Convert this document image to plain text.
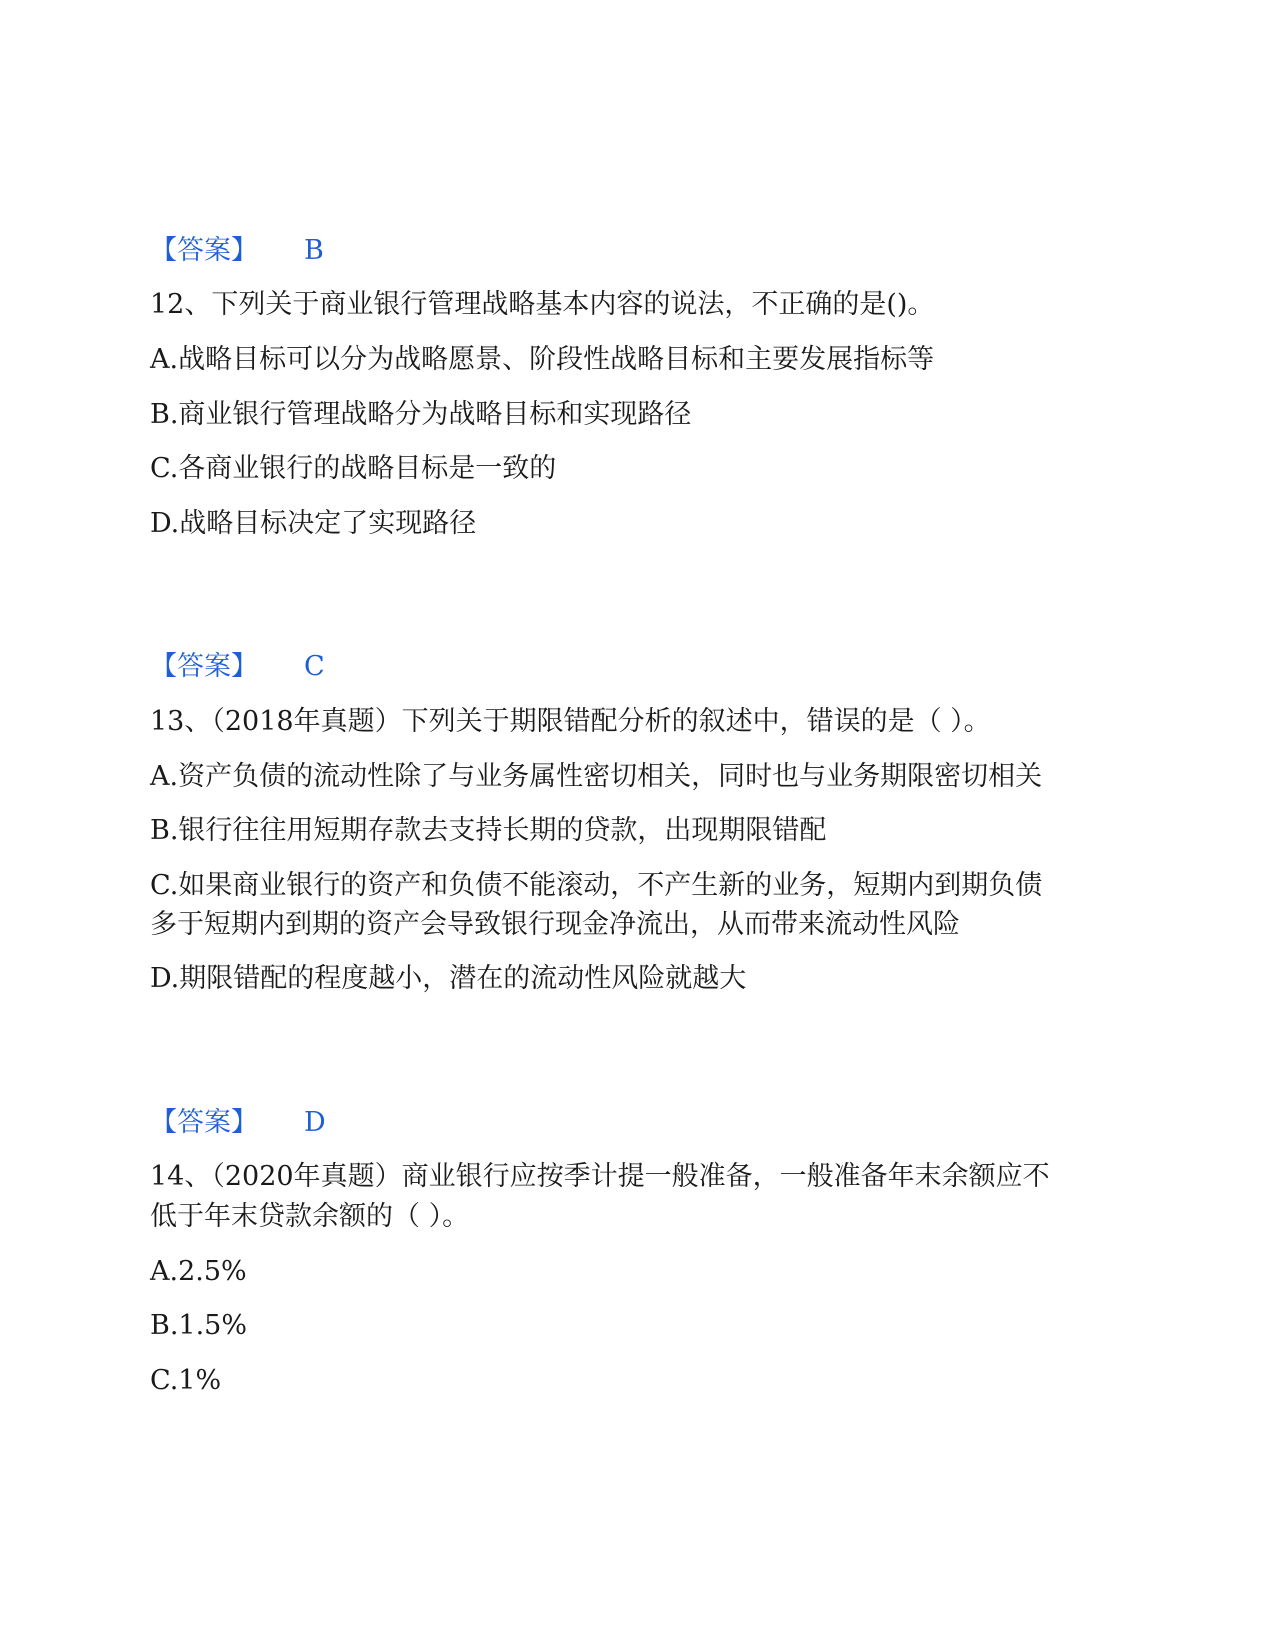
【答案】 B
12、下列关于商业银行管理战略基本内容的说法，不正确的是()。
A.战略目标可以分为战略愿景、阶段性战略目标和主要发展指标等
B.商业银行管理战略分为战略目标和实现路径
C.各商业银行的战略目标是一致的
D.战略目标决定了实现路径
【答案】 C
13、（2018年真题）下列关于期限错配分析的叙述中，错误的是（ ）。
A.资产负债的流动性除了与业务属性密切相关，同时也与业务期限密切相关
B.银行往往用短期存款去支持长期的贷款，出现期限错配
C.如果商业银行的资产和负债不能滚动，不产生新的业务，短期内到期负债
多于短期内到期的资产会导致银行现金净流出，从而带来流动性风险
D.期限错配的程度越小，潜在的流动性风险就越大
【答案】 D
14、（2020年真题）商业银行应按季计提一般准备，一般准备年末余额应不
低于年末贷款余额的（ ）。
A.2.5%
B.1.5%
C.1%
